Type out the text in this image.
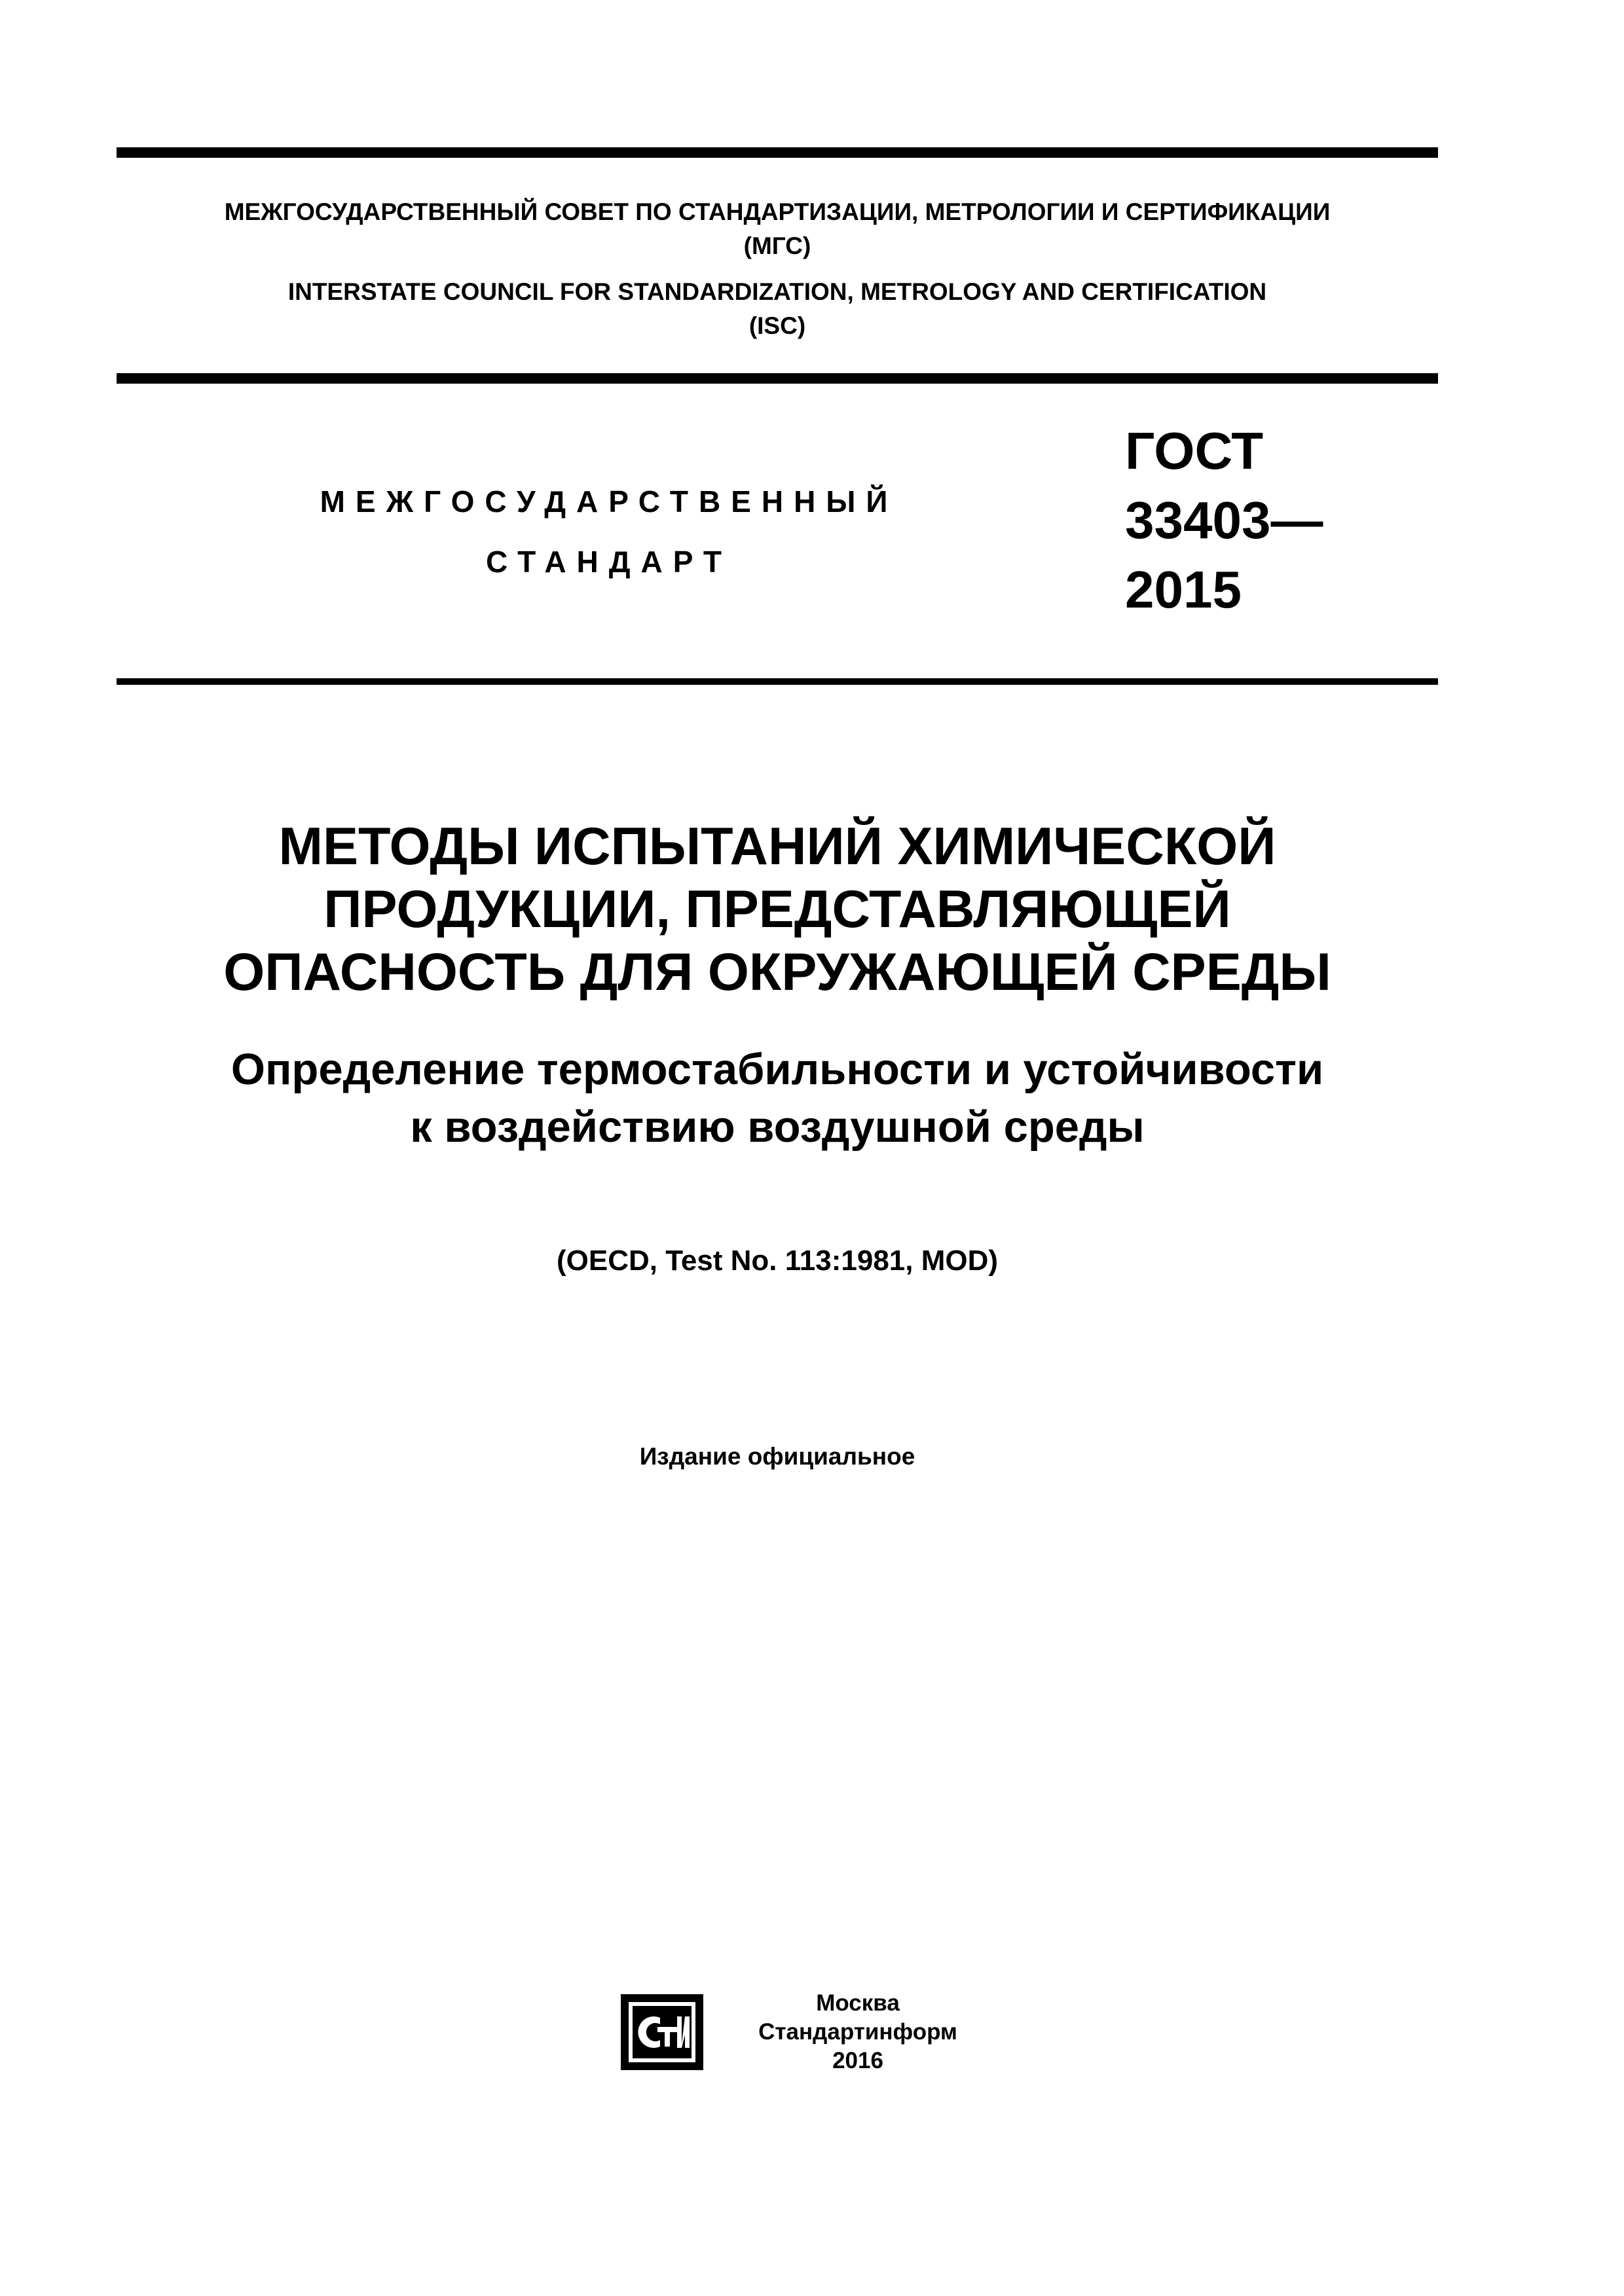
МЕЖГОСУДАРСТВЕННЫЙ СОВЕТ ПО СТАНДАРТИЗАЦИИ, МЕТРОЛОГИИ И СЕРТИФИКАЦИИ
(МГС)
INTERSTATE COUNCIL FOR STANDARDIZATION, METROLOGY AND CERTIFICATION
(ISC)
МЕЖГОСУДАРСТВЕННЫЙ
СТАНДАРТ
ГОСТ
33403—
2015
МЕТОДЫ ИСПЫТАНИЙ ХИМИЧЕСКОЙ
ПРОДУКЦИИ, ПРЕДСТАВЛЯЮЩЕЙ
ОПАСНОСТЬ ДЛЯ ОКРУЖАЮЩЕЙ СРЕДЫ
Определение термостабильности и устойчивости
к воздействию воздушной среды
(OECD, Test No. 113:1981, MOD)
Издание официальное
Москва
Стандартинформ
2016
